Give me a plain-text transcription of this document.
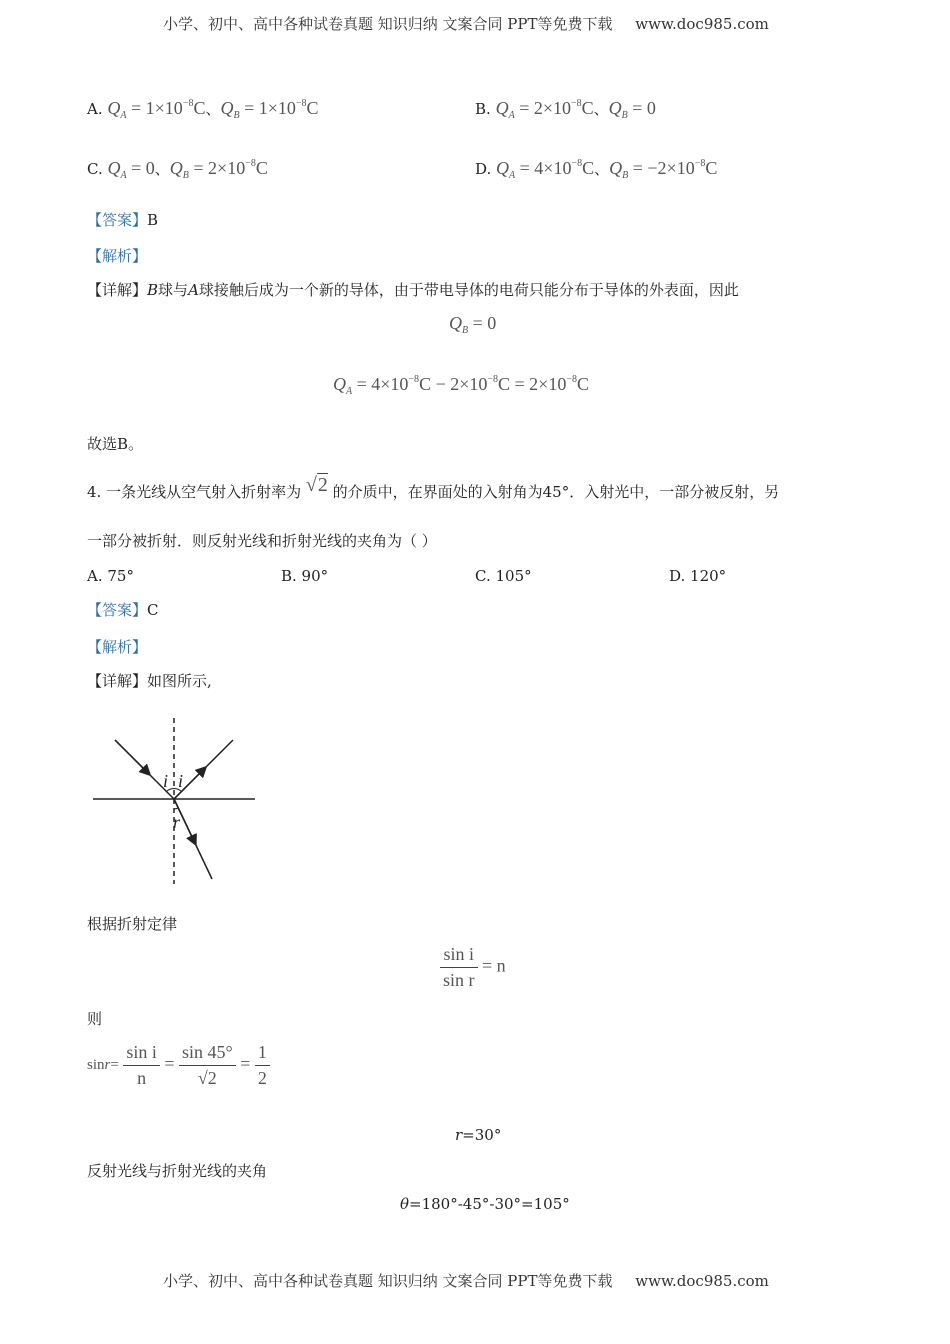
小学、初中、高中各种试卷真题 知识归纳 文案合同 PPT等免费下载 www.doc985.com
A. $Q_A = 1\times 10^{-8}C$、$Q_B = 1\times 10^{-8}C$	B. $Q_A = 2\times 10^{-8}C$、$Q_B = 0$
C. $Q_A = 0$、$Q_B = 2\times 10^{-8}C$	D. $Q_A = 4\times 10^{-8}C$、$Q_B = -2\times 10^{-8}C$
【答案】B
【解析】
【详解】B球与A球接触后成为一个新的导体，由于带电导体的电荷只能分布于导体的外表面，因此
$Q_B = 0$
$Q_A = 4\times 10^{-8}C - 2\times 10^{-8}C = 2\times 10^{-8}C$
故选B。
4. 一条光线从空气射入折射率为 √2 的介质中，在界面处的入射角为45°．入射光中，一部分被反射，另
一部分被折射．则反射光线和折射光线的夹角为（ ）
A. 75°	B. 90°	C. 105°	D. 120°
【答案】C
【解析】
【详解】如图所示,
i i
r
根据折射定律
$\frac{\text{sin i}}{\text{sin r}} = n$
则
$\sin r= \frac{\text{sin i}}{n} = \frac{\sin 45^\circ}{√2} = \frac{1}{2}$
r=30°
反射光线与折射光线的夹角
θ=180°-45°-30°=105°
小学、初中、高中各种试卷真题 知识归纳 文案合同 PPT等免费下载 www.doc985.com
